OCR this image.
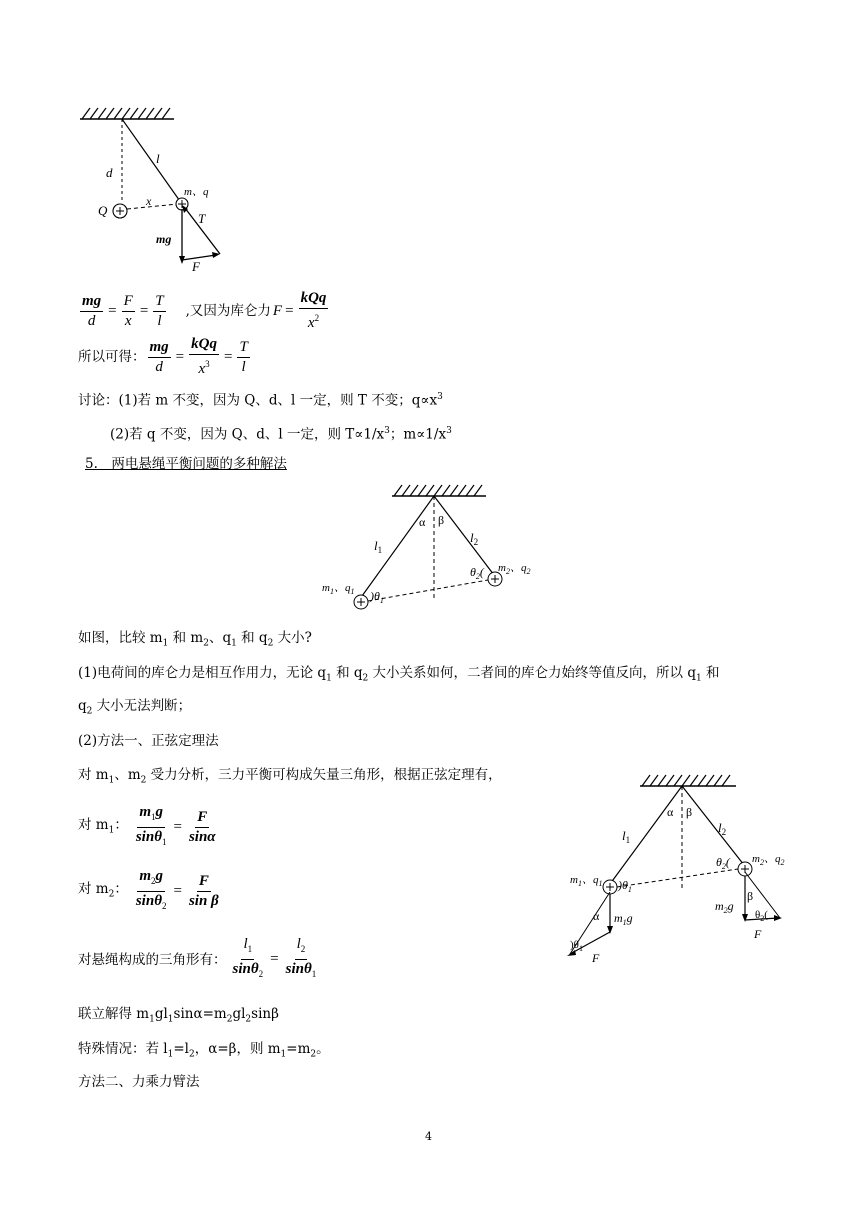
l
d
x
m、q
Q
T
mg
F
$\frac{mg}{d} = \frac{F}{x} = \frac{T}{l}$ ,又因为库仑力 $F = \frac{\text{kQq}}{x^2}$
所以可得： $\frac{mg}{d} = \frac{\text{kQq}}{x^3} = \frac{T}{l}$
讨论：(1)若 m 不变，因为 Q、d、l 一定，则 T 不变；$q\propto x^3$
(2)若 q 不变，因为 Q、d、l 一定，则 $T\propto 1/x^3$；$m\propto 1/x^3$
5.　两电悬绳平衡问题的多种解法
α β
$l_1$
$l_2$
$m_1$、$q_1$ )$\theta_1$
$\theta_2$( $m_2$、$q_2$
如图，比较 $m_1$ 和 $m_2$、$q_1$ 和 $q_2$ 大小?
(1)电荷间的库仑力是相互作用力，无论 $q_1$ 和 $q_2$ 大小关系如何，二者间的库仑力始终等值反向，所以 $q_1$ 和
$q_2$ 大小无法判断；
(2)方法一、正弦定理法
对 $m_1$、$m_2$ 受力分析，三力平衡可构成矢量三角形，根据正弦定理有，
对 $m_1$： $\frac{m_1g}{\sin\theta_1} = \frac{F}{\sin\alpha}$
对 $m_2$： $\frac{m_2g}{\sin\theta_2} = \frac{F}{\text{sin β}}$
对悬绳构成的三角形有： $\frac{l_1}{\sin\theta_2} = \frac{l_2}{\sin\theta_1}$
联立解得 $m_1gl_1\sin\alpha=m_2gl_2\sin\beta$
特殊情况：若 $l_1=l_2$，α=β，则 $m_1=m_2$。
方法二、力乘力臂法
α β
$l_1$
$l_2$
$m_1$、$q_1$ )$\theta_1$
$\theta_2$( $m_2$、$q_2$
α $m_1g$
)$\theta_1$
F
β
$m_2g$
$\theta_2$(
F
4
